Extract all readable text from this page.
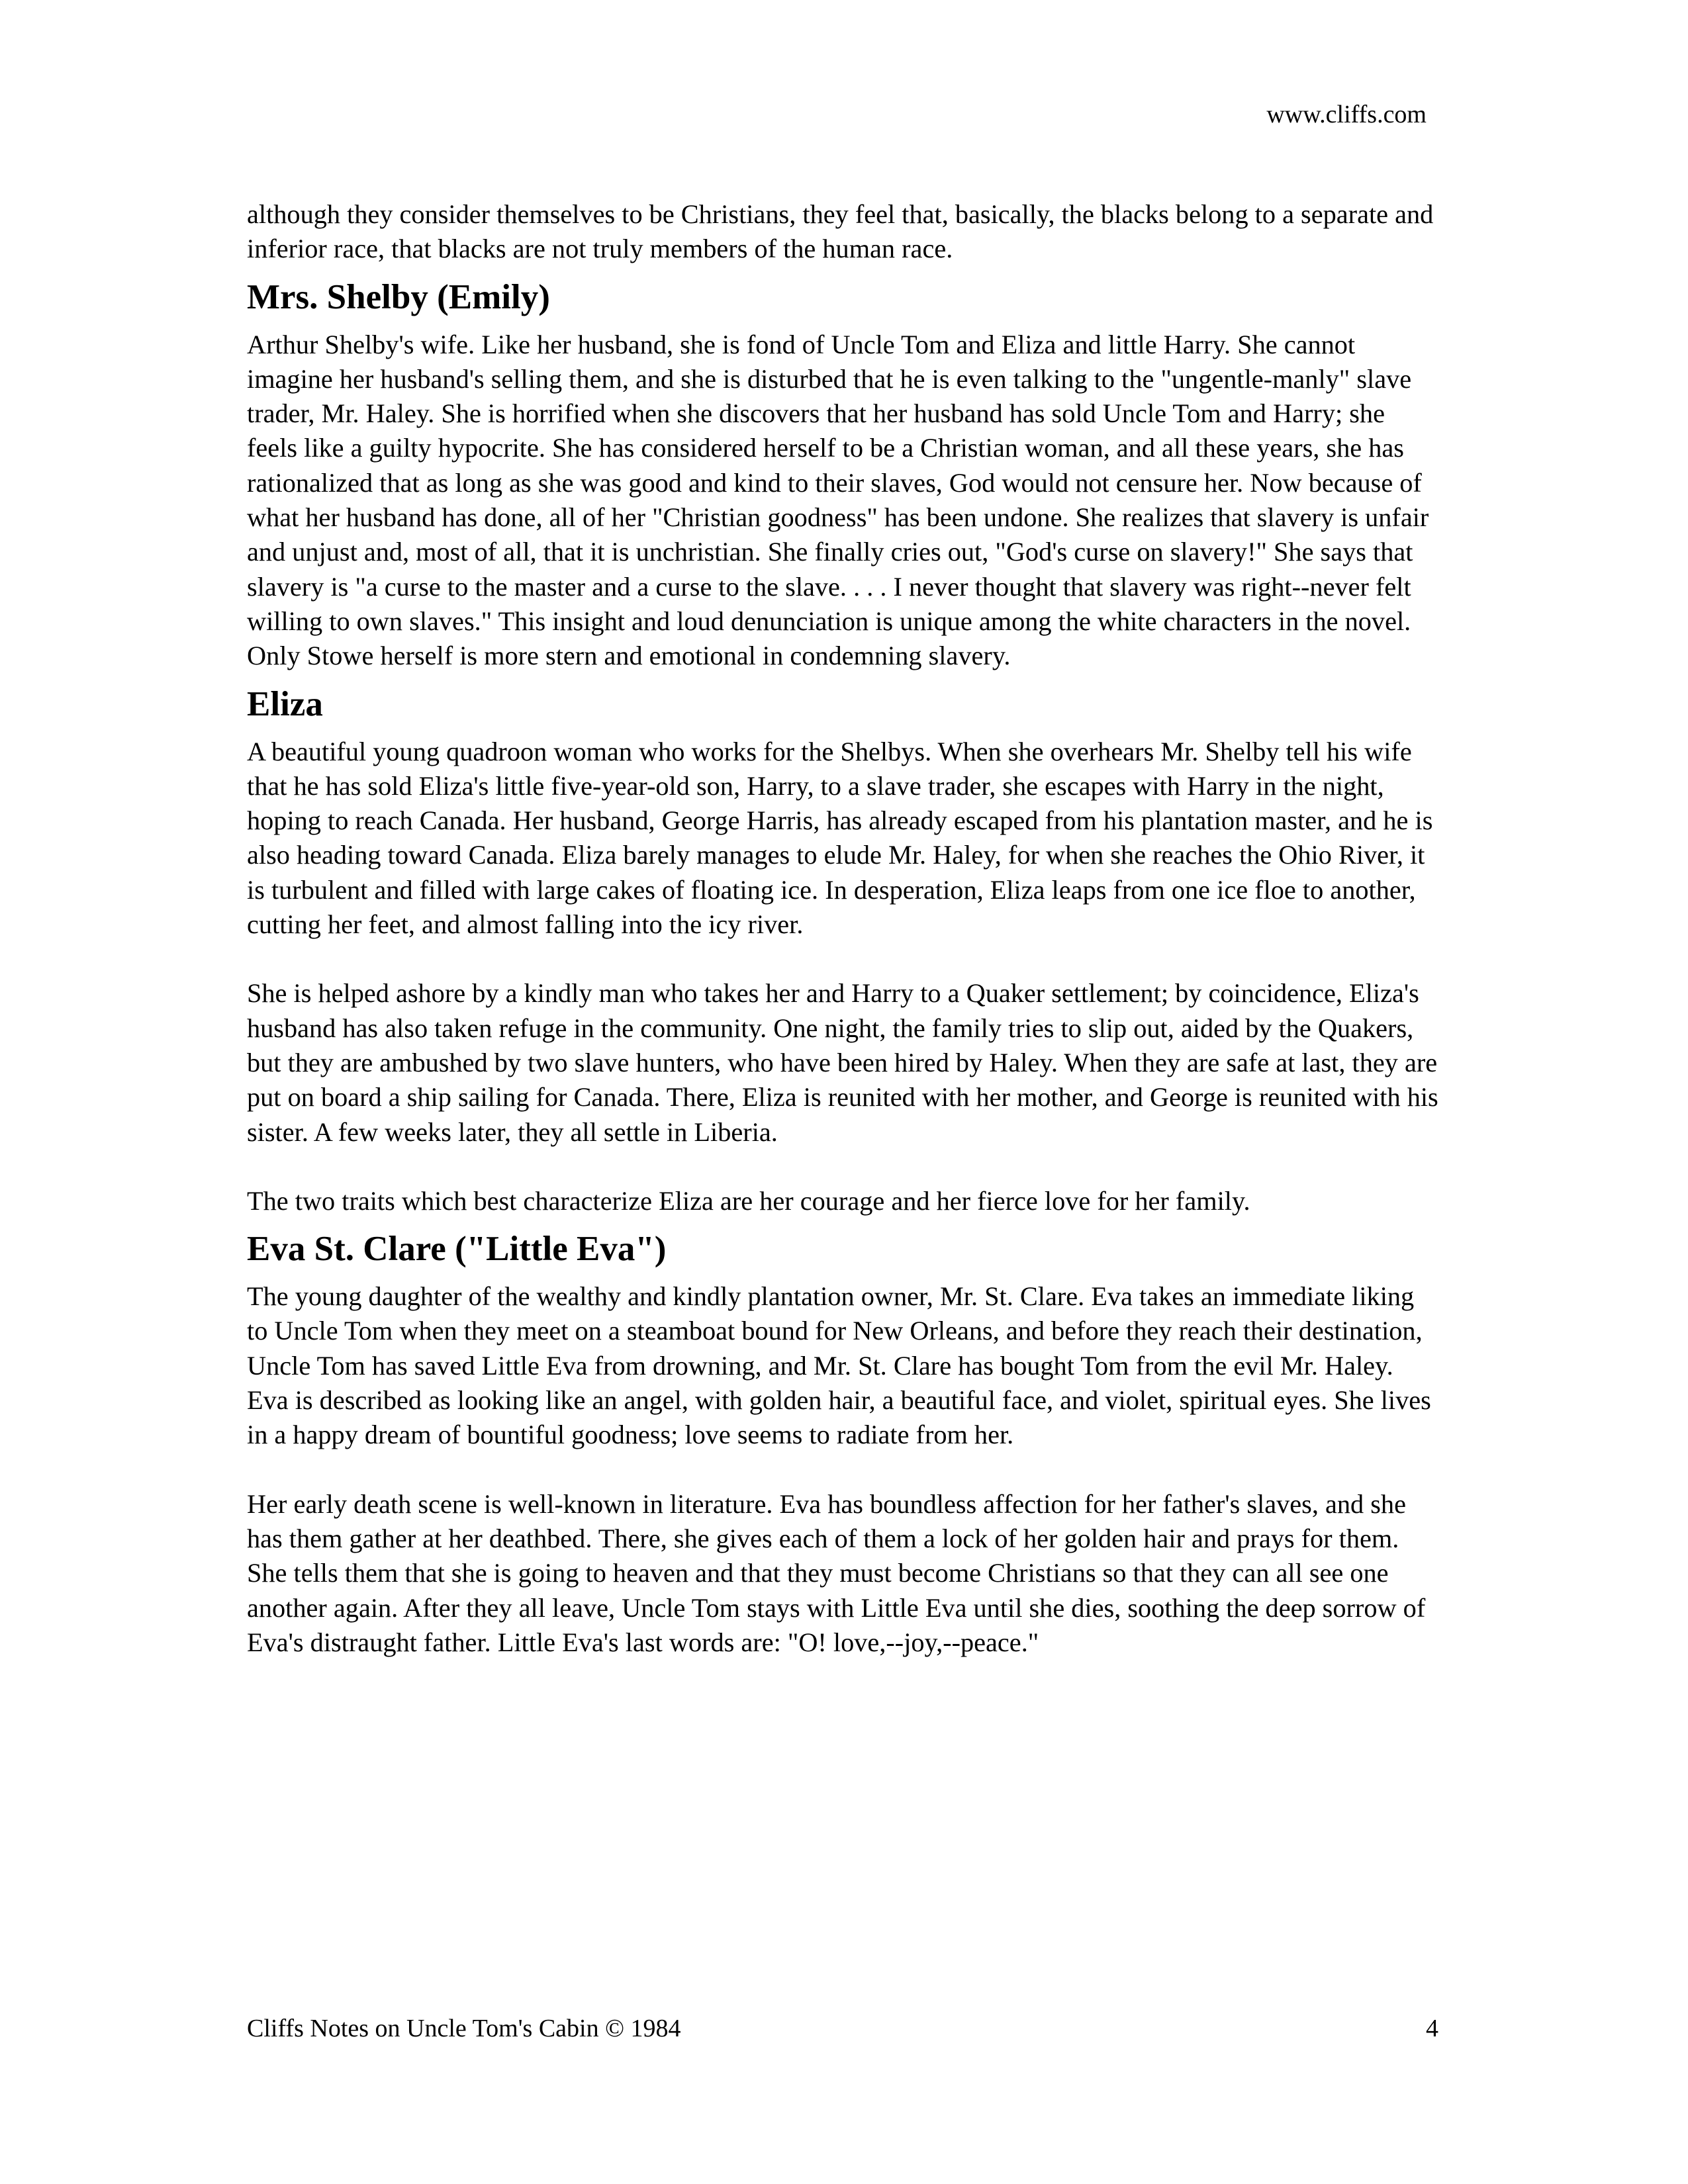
www.cliffs.com

although they consider themselves to be Christians, they feel that, basically, the blacks belong to a separate and inferior race, that blacks are not truly members of the human race.

Mrs. Shelby (Emily)

Arthur Shelby's wife. Like her husband, she is fond of Uncle Tom and Eliza and little Harry. She cannot imagine her husband's selling them, and she is disturbed that he is even talking to the "ungentle-manly" slave trader, Mr. Haley. She is horrified when she discovers that her husband has sold Uncle Tom and Harry; she feels like a guilty hypocrite. She has considered herself to be a Christian woman, and all these years, she has rationalized that as long as she was good and kind to their slaves, God would not censure her. Now because of what her husband has done, all of her "Christian goodness" has been undone. She realizes that slavery is unfair and unjust and, most of all, that it is unchristian. She finally cries out, "God's curse on slavery!" She says that slavery is "a curse to the master and a curse to the slave. . . . I never thought that slavery was right--never felt willing to own slaves." This insight and loud denunciation is unique among the white characters in the novel. Only Stowe herself is more stern and emotional in condemning slavery.

Eliza

A beautiful young quadroon woman who works for the Shelbys. When she overhears Mr. Shelby tell his wife that he has sold Eliza's little five-year-old son, Harry, to a slave trader, she escapes with Harry in the night, hoping to reach Canada. Her husband, George Harris, has already escaped from his plantation master, and he is also heading toward Canada. Eliza barely manages to elude Mr. Haley, for when she reaches the Ohio River, it is turbulent and filled with large cakes of floating ice. In desperation, Eliza leaps from one ice floe to another, cutting her feet, and almost falling into the icy river.

She is helped ashore by a kindly man who takes her and Harry to a Quaker settlement; by coincidence, Eliza's husband has also taken refuge in the community. One night, the family tries to slip out, aided by the Quakers, but they are ambushed by two slave hunters, who have been hired by Haley. When they are safe at last, they are put on board a ship sailing for Canada. There, Eliza is reunited with her mother, and George is reunited with his sister. A few weeks later, they all settle in Liberia.

The two traits which best characterize Eliza are her courage and her fierce love for her family.

Eva St. Clare ("Little Eva")

The young daughter of the wealthy and kindly plantation owner, Mr. St. Clare. Eva takes an immediate liking to Uncle Tom when they meet on a steamboat bound for New Orleans, and before they reach their destination, Uncle Tom has saved Little Eva from drowning, and Mr. St. Clare has bought Tom from the evil Mr. Haley. Eva is described as looking like an angel, with golden hair, a beautiful face, and violet, spiritual eyes. She lives in a happy dream of bountiful goodness; love seems to radiate from her.

Her early death scene is well-known in literature. Eva has boundless affection for her father's slaves, and she has them gather at her deathbed. There, she gives each of them a lock of her golden hair and prays for them. She tells them that she is going to heaven and that they must become Christians so that they can all see one another again. After they all leave, Uncle Tom stays with Little Eva until she dies, soothing the deep sorrow of Eva's distraught father. Little Eva's last words are: "O! love,--joy,--peace."

Cliffs Notes on Uncle Tom's Cabin © 1984	4
